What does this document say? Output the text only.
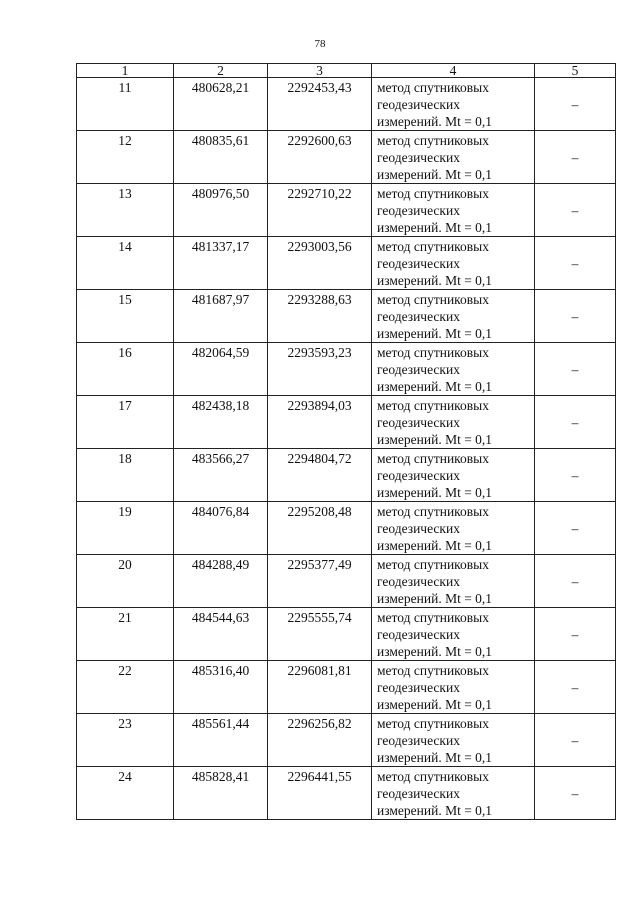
78
1	2	3	4	5
11	480628,21	2292453,43	метод спутниковых
геодезических
измерений. Mt = 0,1	–
12	480835,61	2292600,63	метод спутниковых
геодезических
измерений. Mt = 0,1	–
13	480976,50	2292710,22	метод спутниковых
геодезических
измерений. Mt = 0,1	–
14	481337,17	2293003,56	метод спутниковых
геодезических
измерений. Mt = 0,1	–
15	481687,97	2293288,63	метод спутниковых
геодезических
измерений. Mt = 0,1	–
16	482064,59	2293593,23	метод спутниковых
геодезических
измерений. Mt = 0,1	–
17	482438,18	2293894,03	метод спутниковых
геодезических
измерений. Mt = 0,1	–
18	483566,27	2294804,72	метод спутниковых
геодезических
измерений. Mt = 0,1	–
19	484076,84	2295208,48	метод спутниковых
геодезических
измерений. Mt = 0,1	–
20	484288,49	2295377,49	метод спутниковых
геодезических
измерений. Mt = 0,1	–
21	484544,63	2295555,74	метод спутниковых
геодезических
измерений. Mt = 0,1	–
22	485316,40	2296081,81	метод спутниковых
геодезических
измерений. Mt = 0,1	–
23	485561,44	2296256,82	метод спутниковых
геодезических
измерений. Mt = 0,1	–
24	485828,41	2296441,55	метод спутниковых
геодезических
измерений. Mt = 0,1	–
